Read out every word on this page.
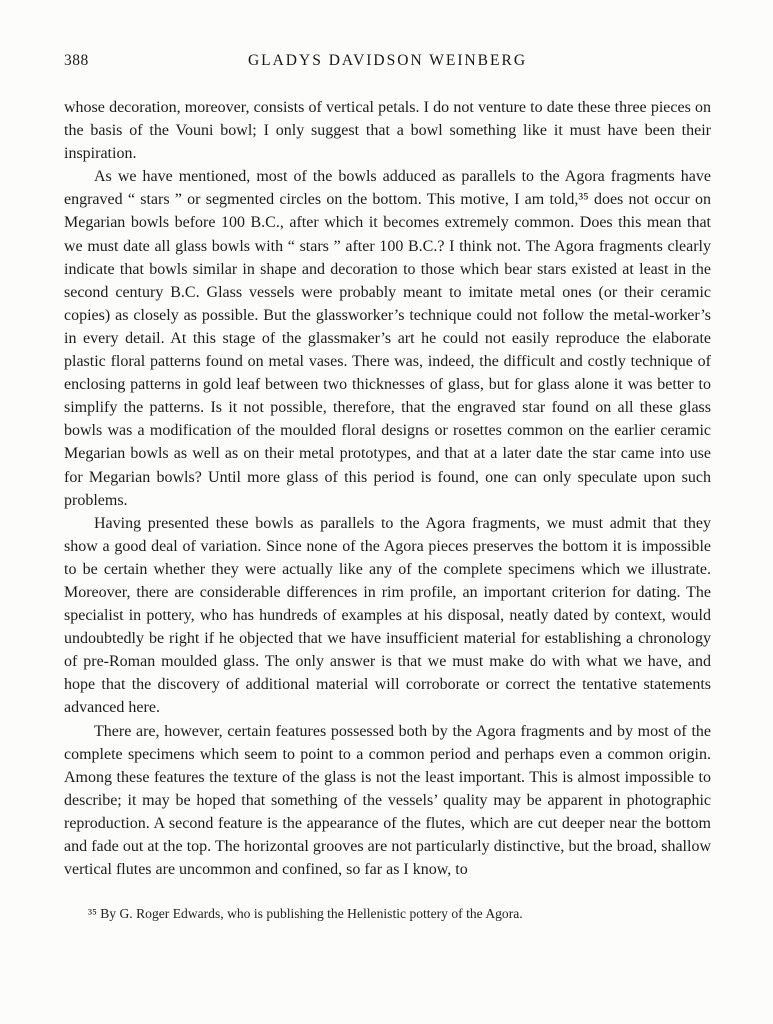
388	GLADYS DAVIDSON WEINBERG

whose decoration, moreover, consists of vertical petals. I do not venture to date these three pieces on the basis of the Vouni bowl; I only suggest that a bowl something like it must have been their inspiration.

As we have mentioned, most of the bowls adduced as parallels to the Agora fragments have engraved “ stars ” or segmented circles on the bottom. This motive, I am told,³⁵ does not occur on Megarian bowls before 100 B.C., after which it becomes extremely common. Does this mean that we must date all glass bowls with “ stars ” after 100 B.C.? I think not. The Agora fragments clearly indicate that bowls similar in shape and decoration to those which bear stars existed at least in the second century B.C. Glass vessels were probably meant to imitate metal ones (or their ceramic copies) as closely as possible. But the glassworker’s technique could not follow the metal-worker’s in every detail. At this stage of the glassmaker’s art he could not easily reproduce the elaborate plastic floral patterns found on metal vases. There was, indeed, the difficult and costly technique of enclosing patterns in gold leaf between two thicknesses of glass, but for glass alone it was better to simplify the patterns. Is it not possible, therefore, that the engraved star found on all these glass bowls was a modification of the moulded floral designs or rosettes common on the earlier ceramic Megarian bowls as well as on their metal prototypes, and that at a later date the star came into use for Megarian bowls? Until more glass of this period is found, one can only speculate upon such problems.

Having presented these bowls as parallels to the Agora fragments, we must admit that they show a good deal of variation. Since none of the Agora pieces preserves the bottom it is impossible to be certain whether they were actually like any of the complete specimens which we illustrate. Moreover, there are considerable differences in rim profile, an important criterion for dating. The specialist in pottery, who has hundreds of examples at his disposal, neatly dated by context, would undoubtedly be right if he objected that we have insufficient material for establishing a chronology of pre-Roman moulded glass. The only answer is that we must make do with what we have, and hope that the discovery of additional material will corroborate or correct the tentative statements advanced here.

There are, however, certain features possessed both by the Agora fragments and by most of the complete specimens which seem to point to a common period and perhaps even a common origin. Among these features the texture of the glass is not the least important. This is almost impossible to describe; it may be hoped that something of the vessels’ quality may be apparent in photographic reproduction. A second feature is the appearance of the flutes, which are cut deeper near the bottom and fade out at the top. The horizontal grooves are not particularly distinctive, but the broad, shallow vertical flutes are uncommon and confined, so far as I know, to

³⁵ By G. Roger Edwards, who is publishing the Hellenistic pottery of the Agora.
